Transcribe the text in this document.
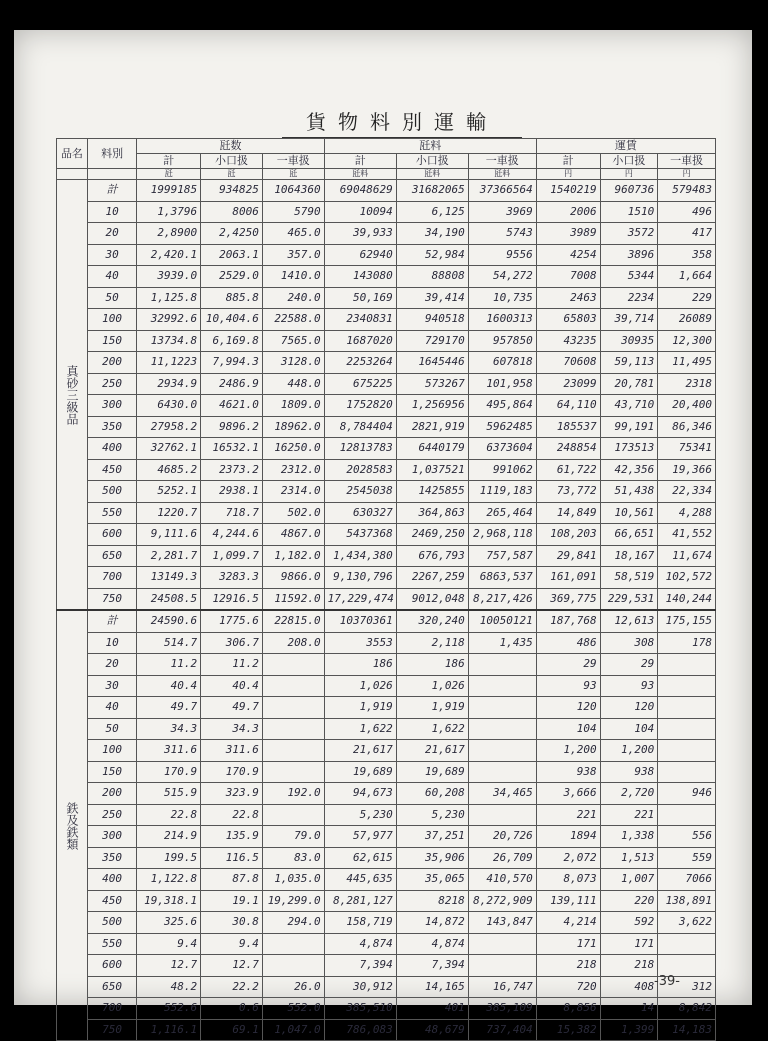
貨物料別運輸
品名	料別	瓩数			瓩料			運賃		
		計	小口扱	一車扱	計	小口扱	一車扱	計	小口扱	一車扱
		瓩	瓩	瓩	瓩料	瓩料	瓩料	円	円	円
真砂三級品	計	1999185	934825	1064360	69048629	31682065	37366564	1540219	960736	579483
	10	1,3796	8006	5790	10094	6,125	3969	2006	1510	496
	20	2,8900	2,4250	465.0	39,933	34,190	5743	3989	3572	417
	30	2,420.1	2063.1	357.0	62940	52,984	9556	4254	3896	358
	40	3939.0	2529.0	1410.0	143080	88808	54,272	7008	5344	1,664
	50	1,125.8	885.8	240.0	50,169	39,414	10,735	2463	2234	229
	100	32992.6	10,404.6	22588.0	2340831	940518	1600313	65803	39,714	26089
	150	13734.8	6,169.8	7565.0	1687020	729170	957850	43235	30935	12,300
	200	11,1223	7,994.3	3128.0	2253264	1645446	607818	70608	59,113	11,495
	250	2934.9	2486.9	448.0	675225	573267	101,958	23099	20,781	2318
	300	6430.0	4621.0	1809.0	1752820	1,256956	495,864	64,110	43,710	20,400
	350	27958.2	9896.2	18962.0	8,784404	2821,919	5962485	185537	99,191	86,346
	400	32762.1	16532.1	16250.0	12813783	6440179	6373604	248854	173513	75341
	450	4685.2	2373.2	2312.0	2028583	1,037521	991062	61,722	42,356	19,366
	500	5252.1	2938.1	2314.0	2545038	1425855	1119,183	73,772	51,438	22,334
	550	1220.7	718.7	502.0	630327	364,863	265,464	14,849	10,561	4,288
	600	9,111.6	4,244.6	4867.0	5437368	2469,250	2,968,118	108,203	66,651	41,552
	650	2,281.7	1,099.7	1,182.0	1,434,380	676,793	757,587	29,841	18,167	11,674
	700	13149.3	3283.3	9866.0	9,130,796	2267,259	6863,537	161,091	58,519	102,572
	750	24508.5	12916.5	11592.0	17,229,474	9012,048	8,217,426	369,775	229,531	140,244
鉄及鉄類	計	24590.6	1775.6	22815.0	10370361	320,240	10050121	187,768	12,613	175,155
	10	514.7	306.7	208.0	3553	2,118	1,435	486	308	178
	20	11.2	11.2		186	186		29	29	
	30	40.4	40.4		1,026	1,026		93	93	
	40	49.7	49.7		1,919	1,919		120	120	
	50	34.3	34.3		1,622	1,622		104	104	
	100	311.6	311.6		21,617	21,617		1,200	1,200	
	150	170.9	170.9		19,689	19,689		938	938	
	200	515.9	323.9	192.0	94,673	60,208	34,465	3,666	2,720	946
	250	22.8	22.8		5,230	5,230		221	221	
	300	214.9	135.9	79.0	57,977	37,251	20,726	1894	1,338	556
	350	199.5	116.5	83.0	62,615	35,906	26,709	2,072	1,513	559
	400	1,122.8	87.8	1,035.0	445,635	35,065	410,570	8,073	1,007	7066
	450	19,318.1	19.1	19,299.0	8,281,127	8218	8,272,909	139,111	220	138,891
	500	325.6	30.8	294.0	158,719	14,872	143,847	4,214	592	3,622
	550	9.4	9.4		4,874	4,874		171	171	
	600	12.7	12.7		7,394	7,394		218	218	
	650	48.2	22.2	26.0	30,912	14,165	16,747	720	408	312
	700	552.6	0.6	552.0	385,510	401	385,109	8,856	14	8,842
	750	1,116.1	69.1	1,047.0	786,083	48,679	737,404	15,382	1,399	14,183
-39-
